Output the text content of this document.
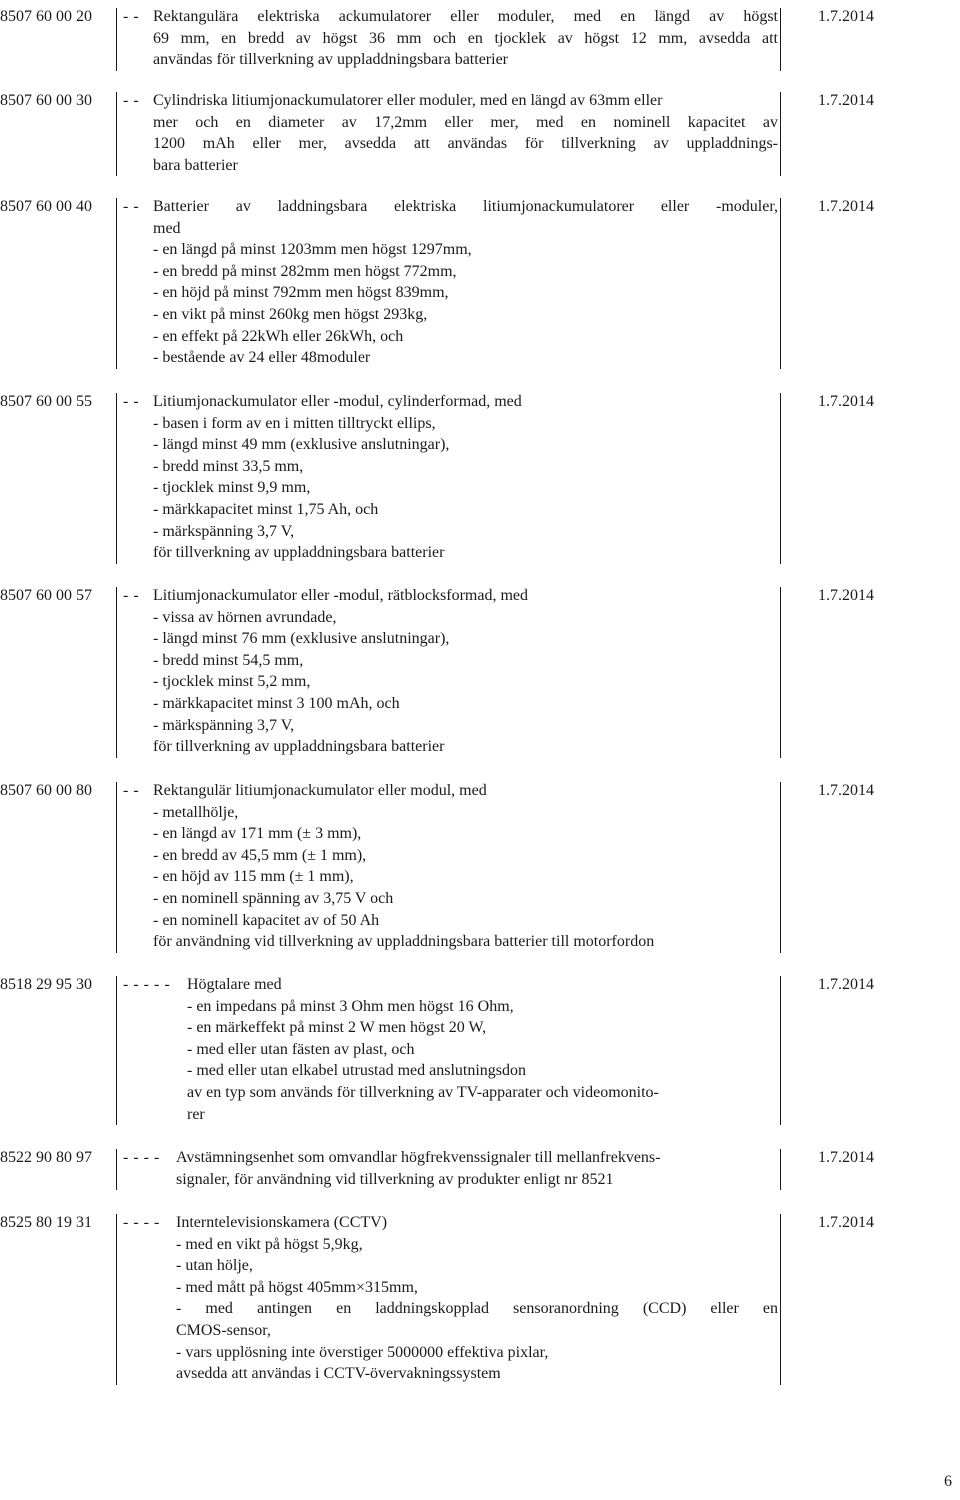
8507 60 00 20	- - Rektangulära elektriska ackumulatorer eller moduler, med en längd av högst
69 mm, en bredd av högst 36 mm och en tjocklek av högst 12 mm, avsedda att
användas för tillverkning av uppladdningsbara batterier
1.7.2014
8507 60 00 30	- - Cylindriska litiumjonackumulatorer eller moduler, med en längd av 63mm eller
mer och en diameter av 17,2mm eller mer, med en nominell kapacitet av
1200 mAh eller mer, avsedda att användas för tillverkning av uppladdnings-
bara batterier
1.7.2014
8507 60 00 40	- - Batterier av laddningsbara elektriska litiumjonackumulatorer eller -moduler,
med
- en längd på minst 1203mm men högst 1297mm,
- en bredd på minst 282mm men högst 772mm,
- en höjd på minst 792mm men högst 839mm,
- en vikt på minst 260kg men högst 293kg,
- en effekt på 22kWh eller 26kWh, och
- bestående av 24 eller 48moduler
1.7.2014
8507 60 00 55	- - Litiumjonackumulator eller -modul, cylinderformad, med
- basen i form av en i mitten tilltryckt ellips,
- längd minst 49 mm (exklusive anslutningar),
- bredd minst 33,5 mm,
- tjocklek minst 9,9 mm,
- märkkapacitet minst 1,75 Ah, och
- märkspänning 3,7 V,
för tillverkning av uppladdningsbara batterier
1.7.2014
8507 60 00 57	- - Litiumjonackumulator eller -modul, rätblocksformad, med
- vissa av hörnen avrundade,
- längd minst 76 mm (exklusive anslutningar),
- bredd minst 54,5 mm,
- tjocklek minst 5,2 mm,
- märkkapacitet minst 3 100 mAh, och
- märkspänning 3,7 V,
för tillverkning av uppladdningsbara batterier
1.7.2014
8507 60 00 80	- - Rektangulär litiumjonackumulator eller modul, med
- metallhölje,
- en längd av 171 mm (± 3 mm),
- en bredd av 45,5 mm (± 1 mm),
- en höjd av 115 mm (± 1 mm),
- en nominell spänning av 3,75 V och
- en nominell kapacitet av of 50 Ah
för användning vid tillverkning av uppladdningsbara batterier till motorfordon
1.7.2014
8518 29 95 30	- - - - - Högtalare med
- en impedans på minst 3 Ohm men högst 16 Ohm,
- en märkeffekt på minst 2 W men högst 20 W,
- med eller utan fästen av plast, och
- med eller utan elkabel utrustad med anslutningsdon
av en typ som används för tillverkning av TV-apparater och videomonito-
rer
1.7.2014
8522 90 80 97	- - - - Avstämningsenhet som omvandlar högfrekvenssignaler till mellanfrekvens-
signaler, för användning vid tillverkning av produkter enligt nr 8521
1.7.2014
8525 80 19 31	- - - - Interntelevisionskamera (CCTV)
- med en vikt på högst 5,9kg,
- utan hölje,
- med mått på högst 405mm×315mm,
- med antingen en laddningskopplad sensoranordning (CCD) eller en
CMOS-sensor,
- vars upplösning inte överstiger 5000000 effektiva pixlar,
avsedda att användas i CCTV-övervakningssystem
1.7.2014
6
